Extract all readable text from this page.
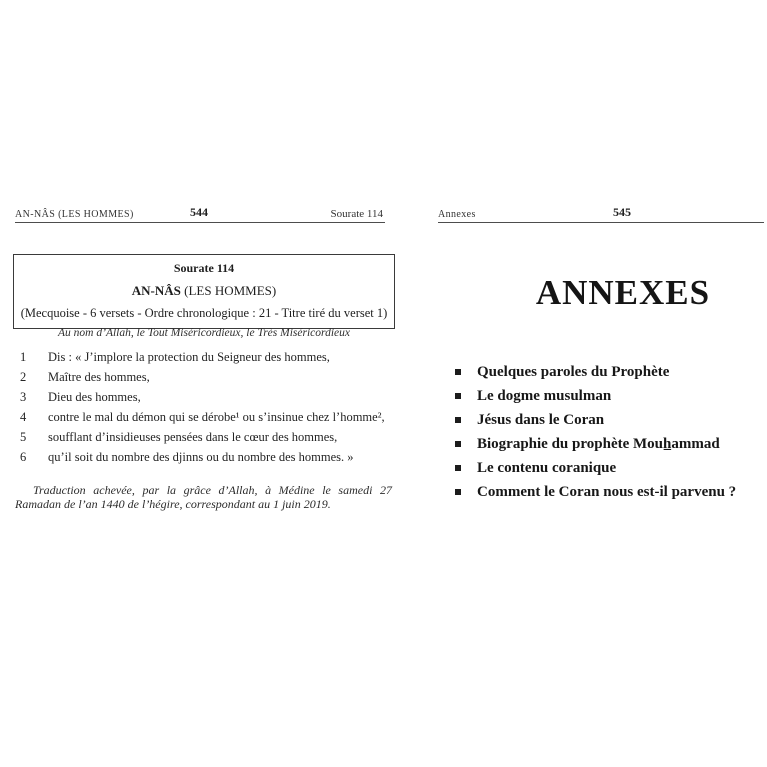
AN-NÂS (LES HOMMES)	544	Sourate 114	Annexes	545
Sourate 114
AN-NÂS (LES HOMMES)
(Mecquoise - 6 versets - Ordre chronologique : 21 - Titre tiré du verset 1)
Au nom d’Allah, le Tout Miséricordieux, le Très Miséricordieux
1	Dis : « J’implore la protection du Seigneur des hommes,
2	Maître des hommes,
3	Dieu des hommes,
4	contre le mal du démon qui se dérobe¹ ou s’insinue chez l’homme²,
5	soufflant d’insidieuses pensées dans le cœur des hommes,
6	qu’il soit du nombre des djinns ou du nombre des hommes. »
Traduction achevée, par la grâce d’Allah, à Médine le samedi 27 Ramadan de l’an 1440 de l’hégire, correspondant au 1 juin 2019.
ANNEXES
Quelques paroles du Prophète
Le dogme musulman
Jésus dans le Coran
Biographie du prophète Mouh̲ammad
Le contenu coranique
Comment le Coran nous est-il parvenu ?
